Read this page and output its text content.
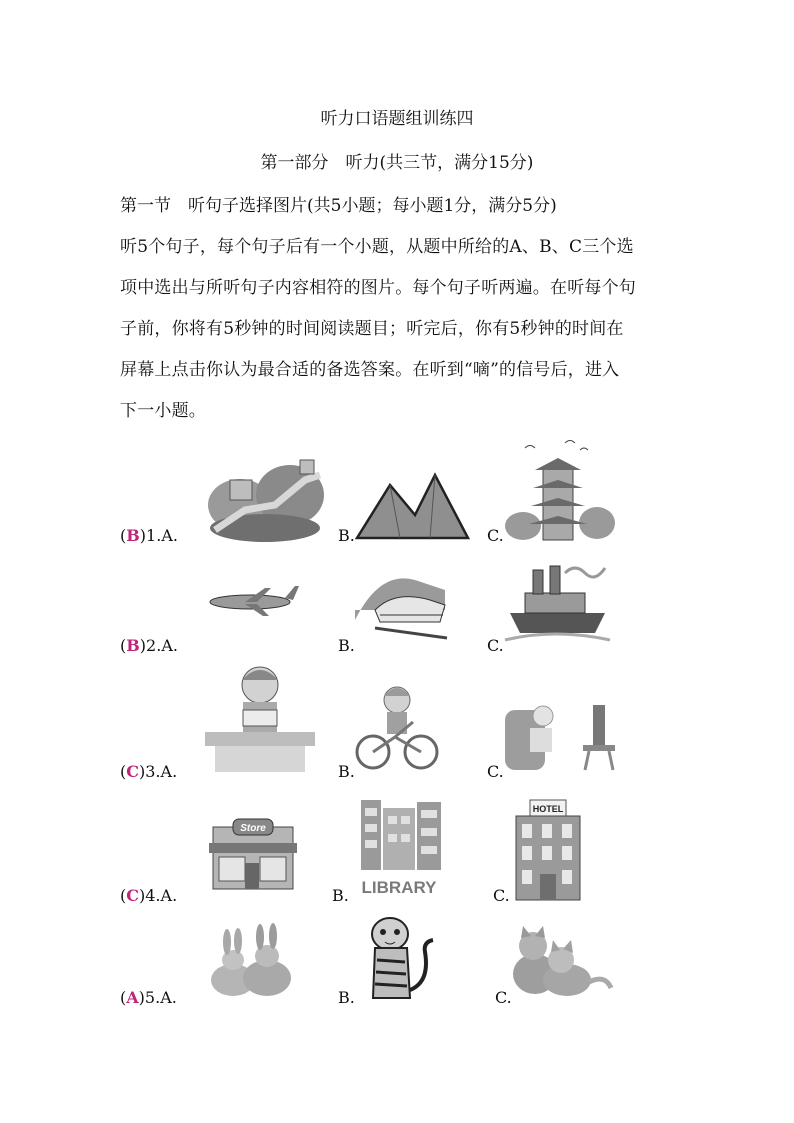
听力口语题组训练四
第一部分　听力(共三节，满分15分)
第一节　听句子选择图片(共5小题；每小题1分，满分5分)
听5个句子，每个句子后有一个小题，从题中所给的A、B、C三个选
项中选出与所听句子内容相符的图片。每个句子听两遍。在听每个句
子前，你将有5秒钟的时间阅读题目；听完后，你有5秒钟的时间在
屏幕上点击你认为最合适的备选答案。在听到“嘀”的信号后，进入
下一小题。
(B)1.A.	B.	C.
(B)2.A.	B.	C.
(C)3.A.	B.	C.
(C)4.A.	B.	C.
Store
LIBRARY
HOTEL
(A)5.A.	B.	C.
